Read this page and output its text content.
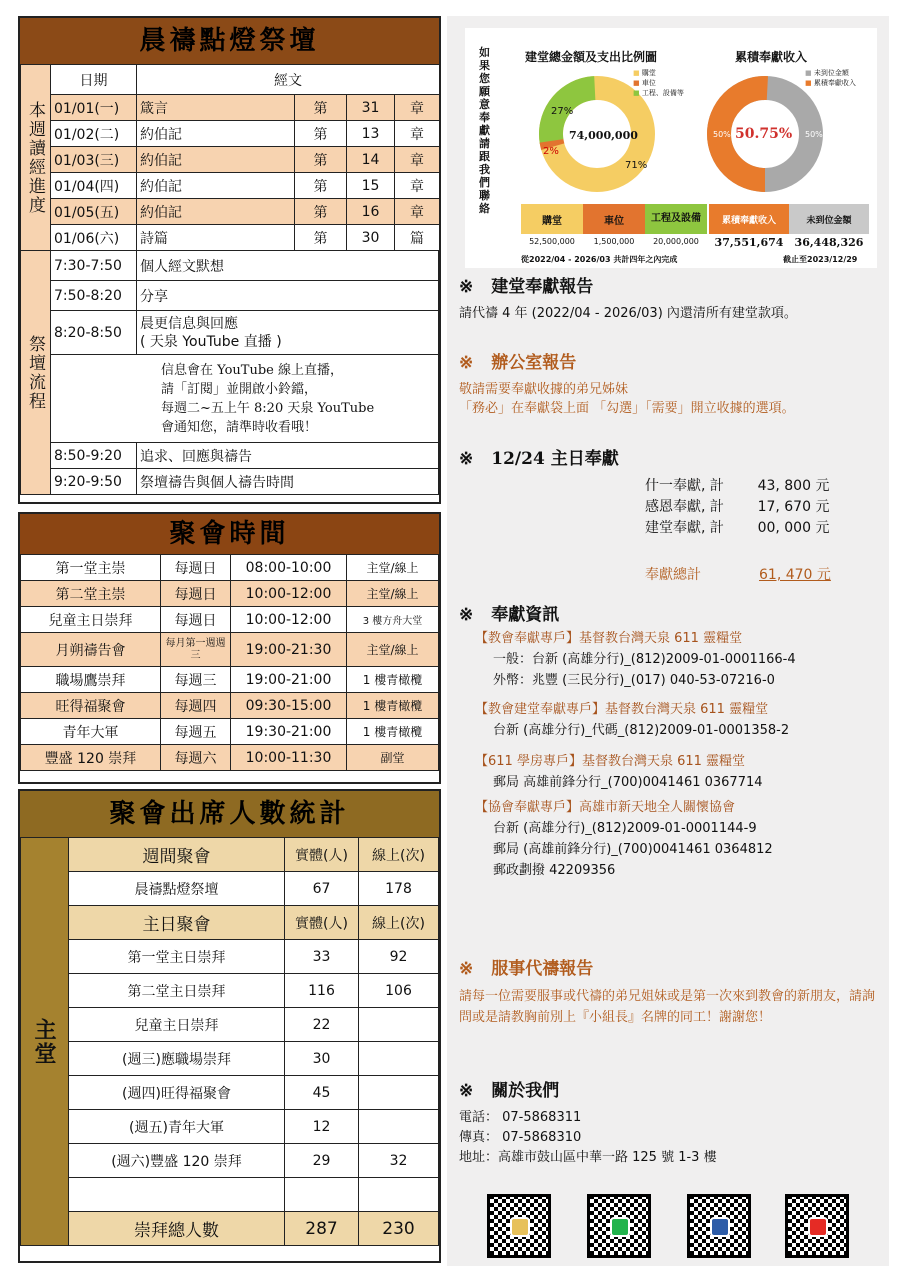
晨禱點燈祭壇
本週讀經進度	日期	經文			
	01/01(一)	箴言	第	31	章
	01/02(二)	約伯記	第	13	章
	01/03(三)	約伯記	第	14	章
	01/04(四)	約伯記	第	15	章
	01/05(五)	約伯記	第	16	章
	01/06(六)	詩篇	第	30	篇
祭壇流程	7:30-7:50	個人經文默想
	7:50-8:20	分享
	8:20-8:50	晨更信息與回應
( 天泉 YouTube 直播 )

	信息會在 YouTube 線上直播，
請「訂閱」並開啟小鈴鐺，
每週二~五上午 8:20 天泉 YouTube
會通知您，請準時收看哦！	

	8:50-9:20	追求、回應與禱告
	9:20-9:50	祭壇禱告與個人禱告時間
聚會時間
第一堂主崇	每週日	08:00-10:00	主堂/線上
第二堂主崇	每週日	10:00-12:00	主堂/線上
兒童主日崇拜	每週日	10:00-12:00	3 樓方舟大堂
月朔禱告會	每月第一週週三	19:00-21:30	主堂/線上
職場鷹崇拜	每週三	19:00-21:00	1 樓青橄欖
旺得福聚會	每週四	09:30-15:00	1 樓青橄欖
青年大軍	每週五	19:30-21:00	1 樓青橄欖
豐盛 120 崇拜	每週六	10:00-11:30	副堂
聚會出席人數統計
主堂	週間聚會	實體(人)	線上(次)
	晨禱點燈祭壇	67	178
	主日聚會	實體(人)	線上(次)
	第一堂主日崇拜	33	92
	第二堂主日崇拜	116	106
	兒童主日崇拜	22	
	(週三)應職場崇拜	30	
	(週四)旺得福聚會	45	
	(週五)青年大軍	12	
	(週六)豐盛 120 崇拜	29	32

	崇拜總人數	287	230
如果您願意奉獻請跟我們聯絡
建堂總金額及支出比例圖	累積奉獻收入
74,000,000
27%
2%
71%
■ 購堂
■ 車位
■ 工程、設備等
50.75%
50%	50%
■ 未到位金額
■ 累積奉獻收入
購堂	車位	工程及設備
52,500,000	1,500,000	20,000,000
累積奉獻收入	未到位金額
37,551,674	36,448,326
從2022/04 - 2026/03 共計四年之內完成	截止至2023/12/29
※ 建堂奉獻報告
請代禱 4 年 (2022/04 - 2026/03) 內還清所有建堂款項。
※ 辦公室報告
敬請需要奉獻收據的弟兄姊妹
「務必」在奉獻袋上面 「勾選」「需要」開立收據的選項。
※ 12/24 主日奉獻
什一奉獻, 計 43, 800 元
感恩奉獻, 計 17, 670 元
建堂奉獻, 計 00, 000 元
奉獻總計	61, 470 元
※ 奉獻資訊
【教會奉獻專戶】基督教台灣天泉 611 靈糧堂
一般：台新 (高雄分行)_(812)2009-01-0001166-4
外幣：兆豐 (三民分行)_(017) 040-53-07216-0
【教會建堂奉獻專戶】基督教台灣天泉 611 靈糧堂
台新 (高雄分行)_代碼_(812)2009-01-0001358-2
【611 學房專戶】基督教台灣天泉 611 靈糧堂
郵局 高雄前鋒分行_(700)0041461 0367714
【協會奉獻專戶】高雄市新天地全人關懷協會
台新 (高雄分行)_(812)2009-01-0001144-9
郵局 (高雄前鋒分行)_(700)0041461 0364812
郵政劃撥 42209356
※ 服事代禱報告
請每一位需要服事或代禱的弟兄姐妹或是第一次來到教會的新朋友，請詢問或是請教胸前別上『小組長』名牌的同工！謝謝您！
※ 關於我們
電話： 07-5868311
傳真： 07-5868310
地址：高雄市鼓山區中華一路 125 號 1-3 樓
